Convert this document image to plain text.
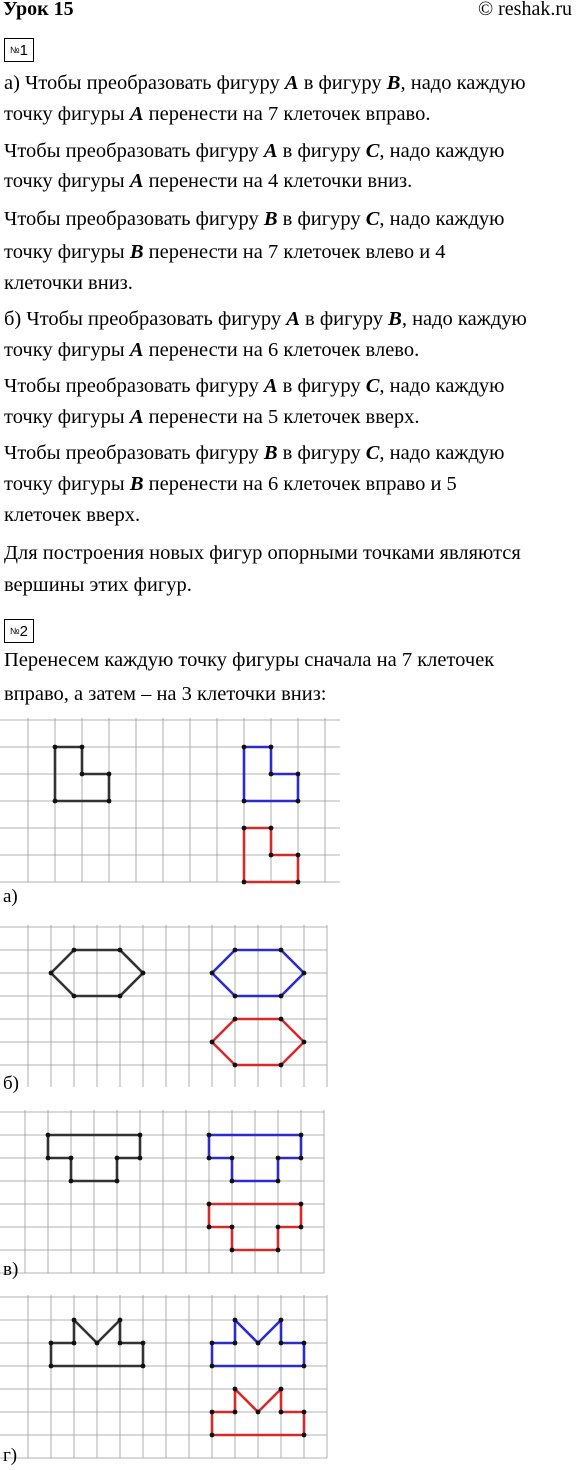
Урок 15	© reshak.ru
№1
а) Чтобы преобразовать фигуру A в фигуру B, надо каждую
точку фигуры A перенести на 7 клеточек вправо.
Чтобы преобразовать фигуру A в фигуру C, надо каждую
точку фигуры A перенести на 4 клеточки вниз.
Чтобы преобразовать фигуру B в фигуру C, надо каждую
точку фигуры B перенести на 7 клеточек влево и 4
клеточки вниз.
б) Чтобы преобразовать фигуру A в фигуру B, надо каждую
точку фигуры A перенести на 6 клеточек влево.
Чтобы преобразовать фигуру A в фигуру C, надо каждую
точку фигуры A перенести на 5 клеточек вверх.
Чтобы преобразовать фигуру B в фигуру C, надо каждую
точку фигуры B перенести на 6 клеточек вправо и 5
клеточек вверх.
Для построения новых фигур опорными точками являются
вершины этих фигур.
№2
Перенесем каждую точку фигуры сначала на 7 клеточек
вправо, а затем – на 3 клеточки вниз:
а)
б)
в)
г)
